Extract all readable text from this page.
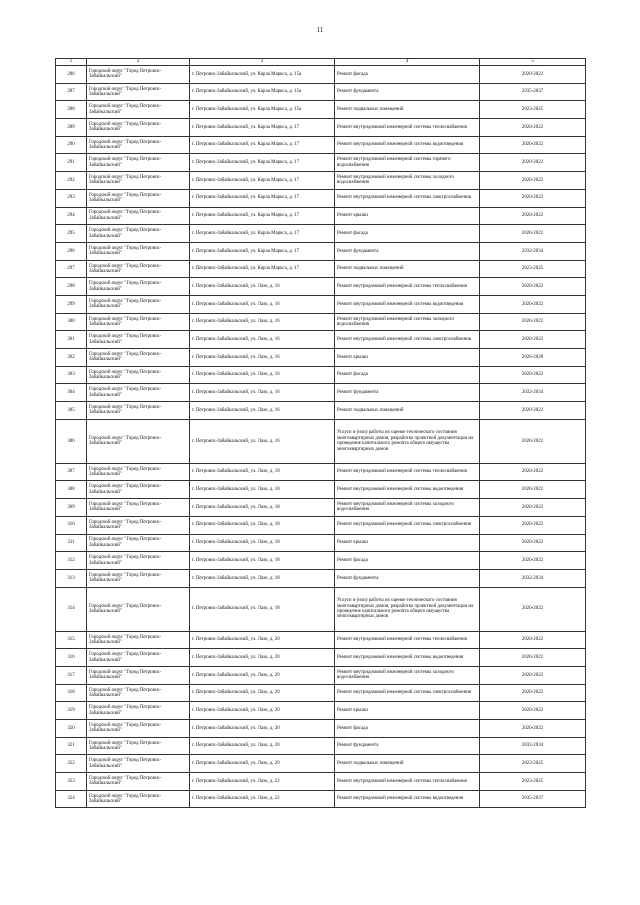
11
1	2	3	4	5
286	Городской округ "Город Петровск-Забайкальский"	г. Петровск-Забайкальский, ул. Карла Маркса, д. 15а	Ремонт фасада	2020-2022
287	Городской округ "Город Петровск-Забайкальский"	г. Петровск-Забайкальский, ул. Карла Маркса, д. 15а	Ремонт фундамента	2035-2037
288	Городской округ "Город Петровск-Забайкальский"	г. Петровск-Забайкальский, ул. Карла Маркса, д. 15а	Ремонт подвальных помещений	2023-2025
289	Городской округ "Город Петровск-Забайкальский"	г. Петровск-Забайкальский, ул. Карла Маркса, д. 17	Ремонт внутридомовой инженерной системы теплоснабжения	2020-2022
290	Городской округ "Город Петровск-Забайкальский"	г. Петровск-Забайкальский, ул. Карла Маркса, д. 17	Ремонт внутридомовой инженерной системы водоотведения	2020-2022
291	Городской округ "Город Петровск-Забайкальский"	г. Петровск-Забайкальский, ул. Карла Маркса, д. 17	Ремонт внутридомовой инженерной системы горячего водоснабжения	2020-2022
292	Городской округ "Город Петровск-Забайкальский"	г. Петровск-Забайкальский, ул. Карла Маркса, д. 17	Ремонт внутридомовой инженерной системы холодного водоснабжения	2020-2022
293	Городской округ "Город Петровск-Забайкальский"	г. Петровск-Забайкальский, ул. Карла Маркса, д. 17	Ремонт внутридомовой инженерной системы электроснабжения	2020-2022
294	Городской округ "Город Петровск-Забайкальский"	г. Петровск-Забайкальский, ул. Карла Маркса, д. 17	Ремонт крыши	2020-2022
295	Городской округ "Город Петровск-Забайкальский"	г. Петровск-Забайкальский, ул. Карла Маркса, д. 17	Ремонт фасада	2020-2022
296	Городской округ "Город Петровск-Забайкальский"	г. Петровск-Забайкальский, ул. Карла Маркса, д. 17	Ремонт фундамента	2032-2034
297	Городской округ "Город Петровск-Забайкальский"	г. Петровск-Забайкальский, ул. Карла Маркса, д. 17	Ремонт подвальных помещений	2023-2025
298	Городской округ "Город Петровск-Забайкальский"	г. Петровск-Забайкальский, ул. Лазо, д. 16	Ремонт внутридомовой инженерной системы теплоснабжения	2020-2022
299	Городской округ "Город Петровск-Забайкальский"	г. Петровск-Забайкальский, ул. Лазо, д. 16	Ремонт внутридомовой инженерной системы водоотведения	2020-2022
300	Городской округ "Город Петровск-Забайкальский"	г. Петровск-Забайкальский, ул. Лазо, д. 16	Ремонт внутридомовой инженерной системы холодного водоснабжения	2020-2022
301	Городской округ "Город Петровск-Забайкальский"	г. Петровск-Забайкальский, ул. Лазо, д. 16	Ремонт внутридомовой инженерной системы электроснабжения	2020-2022
302	Городской округ "Город Петровск-Забайкальский"	г. Петровск-Забайкальский, ул. Лазо, д. 16	Ремонт крыши	2026-2028
303	Городской округ "Город Петровск-Забайкальский"	г. Петровск-Забайкальский, ул. Лазо, д. 16	Ремонт фасада	2020-2022
304	Городской округ "Город Петровск-Забайкальский"	г. Петровск-Забайкальский, ул. Лазо, д. 16	Ремонт фундамента	2032-2034
305	Городской округ "Город Петровск-Забайкальский"	г. Петровск-Забайкальский, ул. Лазо, д. 16	Ремонт подвальных помещений	2020-2022
306	Городской округ "Город Петровск-Забайкальский"	г. Петровск-Забайкальский, ул. Лазо, д. 16	Услуги и (или) работы по оценке технического состояния многоквартирных домов, разработке проектной документации на проведение капитального ремонта общего имущества многоквартирных домов	2020-2022
307	Городской округ "Город Петровск-Забайкальский"	г. Петровск-Забайкальский, ул. Лазо, д. 18	Ремонт внутридомовой инженерной системы теплоснабжения	2020-2022
308	Городской округ "Город Петровск-Забайкальский"	г. Петровск-Забайкальский, ул. Лазо, д. 18	Ремонт внутридомовой инженерной системы водоотведения	2020-2022
309	Городской округ "Город Петровск-Забайкальский"	г. Петровск-Забайкальский, ул. Лазо, д. 18	Ремонт внутридомовой инженерной системы холодного водоснабжения	2020-2022
310	Городской округ "Город Петровск-Забайкальский"	г. Петровск-Забайкальский, ул. Лазо, д. 18	Ремонт внутридомовой инженерной системы электроснабжения	2020-2022
311	Городской округ "Город Петровск-Забайкальский"	г. Петровск-Забайкальский, ул. Лазо, д. 18	Ремонт крыши	2020-2022
312	Городской округ "Город Петровск-Забайкальский"	г. Петровск-Забайкальский, ул. Лазо, д. 18	Ремонт фасада	2020-2022
313	Городской округ "Город Петровск-Забайкальский"	г. Петровск-Забайкальский, ул. Лазо, д. 18	Ремонт фундамента	2032-2034
314	Городской округ "Город Петровск-Забайкальский"	г. Петровск-Забайкальский, ул. Лазо, д. 18	Услуги и (или) работы по оценке технического состояния многоквартирных домов, разработке проектной документации на проведение капитального ремонта общего имущества многоквартирных домов	2020-2022
315	Городской округ "Город Петровск-Забайкальский"	г. Петровск-Забайкальский, ул. Лазо, д. 20	Ремонт внутридомовой инженерной системы теплоснабжения	2020-2022
316	Городской округ "Город Петровск-Забайкальский"	г. Петровск-Забайкальский, ул. Лазо, д. 20	Ремонт внутридомовой инженерной системы водоотведения	2020-2022
317	Городской округ "Город Петровск-Забайкальский"	г. Петровск-Забайкальский, ул. Лазо, д. 20	Ремонт внутридомовой инженерной системы холодного водоснабжения	2020-2022
318	Городской округ "Город Петровск-Забайкальский"	г. Петровск-Забайкальский, ул. Лазо, д. 20	Ремонт внутридомовой инженерной системы электроснабжения	2020-2022
319	Городской округ "Город Петровск-Забайкальский"	г. Петровск-Забайкальский, ул. Лазо, д. 20	Ремонт крыши	2020-2022
320	Городской округ "Город Петровск-Забайкальский"	г. Петровск-Забайкальский, ул. Лазо, д. 20	Ремонт фасада	2020-2022
321	Городской округ "Город Петровск-Забайкальский"	г. Петровск-Забайкальский, ул. Лазо, д. 20	Ремонт фундамента	2032-2034
322	Городской округ "Город Петровск-Забайкальский"	г. Петровск-Забайкальский, ул. Лазо, д. 20	Ремонт подвальных помещений	2023-2025
323	Городской округ "Город Петровск-Забайкальский"	г. Петровск-Забайкальский, ул. Лазо, д. 22	Ремонт внутридомовой инженерной системы теплоснабжения	2023-2025
324	Городской округ "Город Петровск-Забайкальский"	г. Петровск-Забайкальский, ул. Лазо, д. 22	Ремонт внутридомовой инженерной системы водоотведения	2035-2037
